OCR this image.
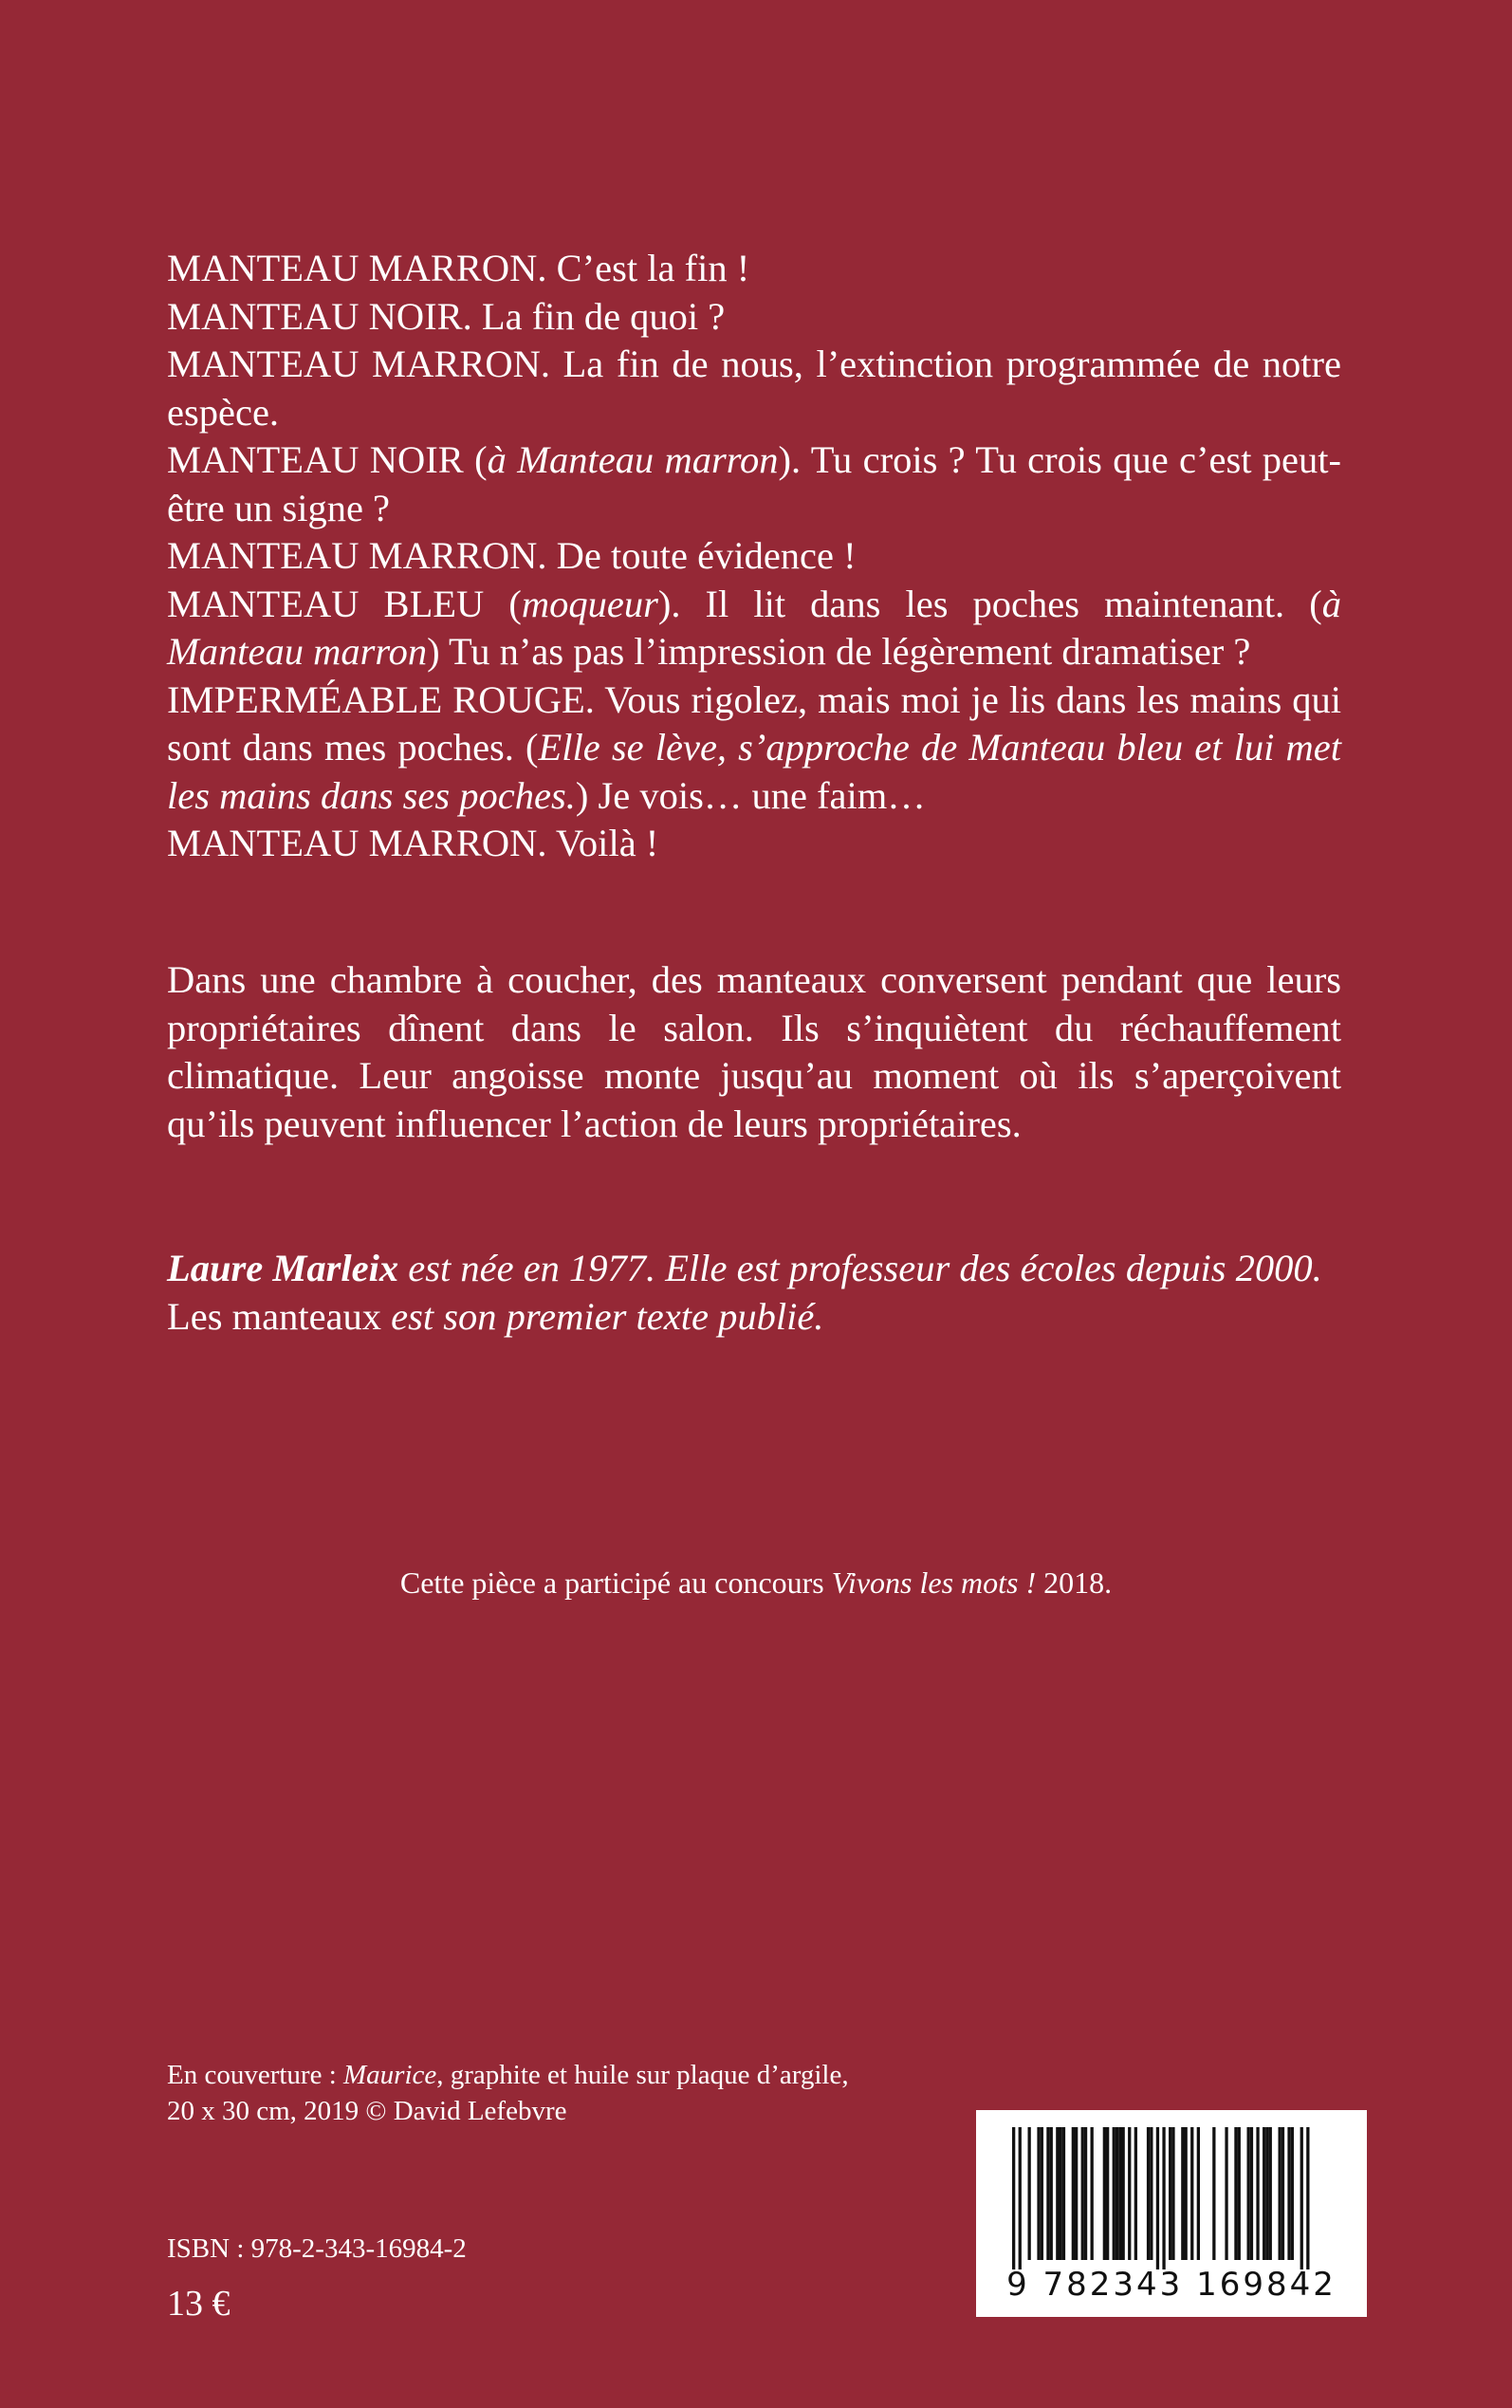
MANTEAU MARRON. C’est la fin !

MANTEAU NOIR. La fin de quoi ?

MANTEAU MARRON. La fin de nous, l’extinction programmée de notre espèce.

MANTEAU NOIR (à Manteau marron). Tu crois ? Tu crois que c’est peut-être un signe ?

MANTEAU MARRON. De toute évidence !

MANTEAU BLEU (moqueur). Il lit dans les poches maintenant. (à Manteau marron) Tu n’as pas l’impression de légèrement dramatiser ?

IMPERMÉABLE ROUGE. Vous rigolez, mais moi je lis dans les mains qui sont dans mes poches. (Elle se lève, s’approche de Manteau bleu et lui met les mains dans ses poches.) Je vois… une faim…

MANTEAU MARRON. Voilà !

Dans une chambre à coucher, des manteaux conversent pendant que leurs propriétaires dînent dans le salon. Ils s’inquiètent du réchauffement climatique. Leur angoisse monte jusqu’au moment où ils s’aperçoivent qu’ils peuvent influencer l’action de leurs propriétaires.

Laure Marleix est née en 1977. Elle est professeur des écoles depuis 2000. Les manteaux est son premier texte publié.

Cette pièce a participé au concours Vivons les mots ! 2018.

En couverture : Maurice, graphite et huile sur plaque d’argile,

20 x 30 cm, 2019 © David Lefebvre

ISBN : 978-2-343-16984-2
13 €	9 782343 169842
